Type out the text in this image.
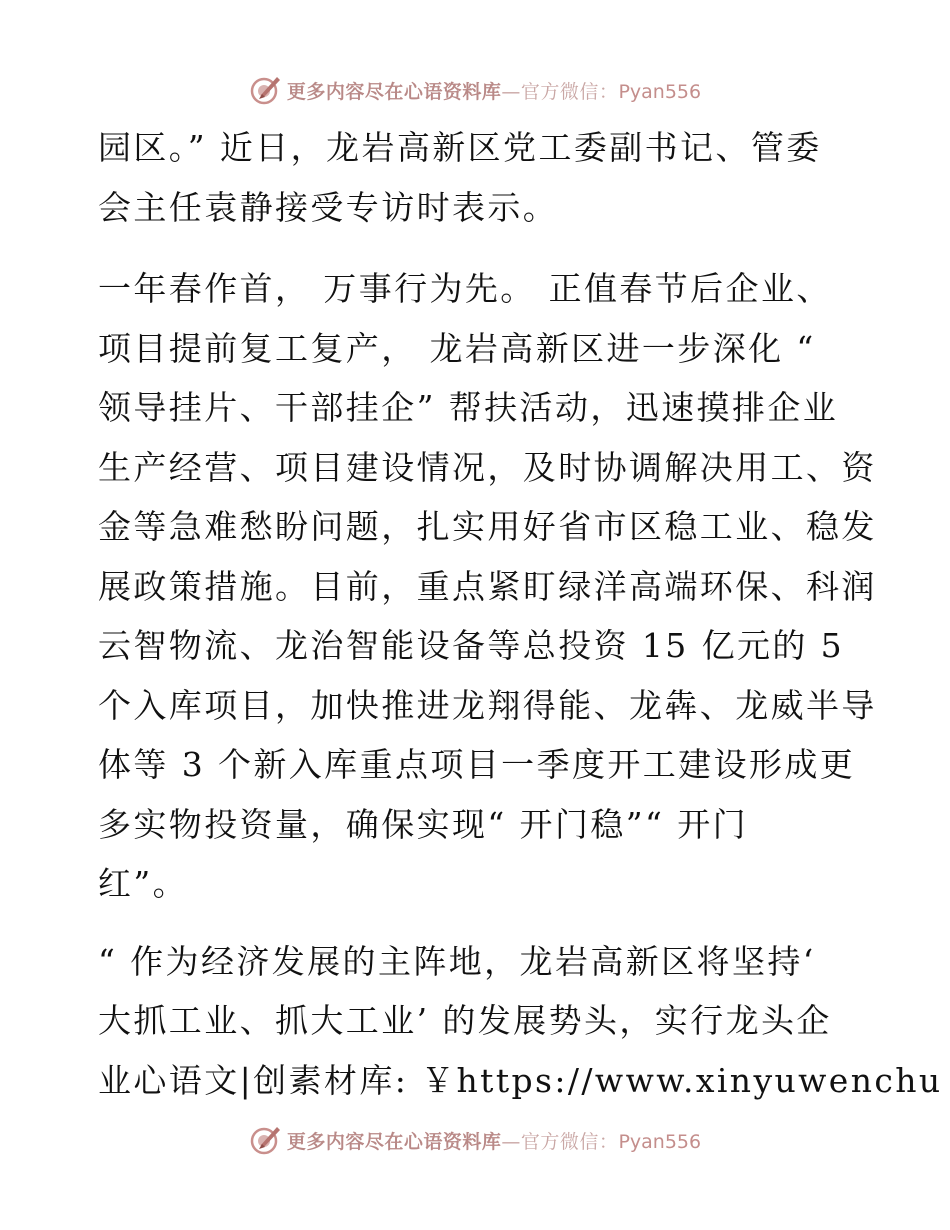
更多内容尽在心语资料库—官方微信：Pyan556

园区。” 近日，龙岩高新区党工委副书记、管委
会主任袁静接受专访时表示。

一年春作首， 万事行为先。 正值春节后企业、
项目提前复工复产， 龙岩高新区进一步深化 “
领导挂片、干部挂企” 帮扶活动，迅速摸排企业
生产经营、项目建设情况，及时协调解决用工、资
金等急难愁盼问题，扎实用好省市区稳工业、稳发
展政策措施。目前，重点紧盯绿洋高端环保、科润
云智物流、龙治智能设备等总投资 15 亿元的 5
个入库项目，加快推进龙翔得能、龙犇、龙威半导
体等 3 个新入库重点项目一季度开工建设形成更
多实物投资量，确保实现“ 开门稳”“ 开门
红”。

“ 作为经济发展的主阵地，龙岩高新区将坚持‘
大抓工业、抓大工业’ 的发展势头，实行龙头企
业心语文|创素材库: ￥https://www.xinyuwenchu

更多内容尽在心语资料库—官方微信：Pyan556
